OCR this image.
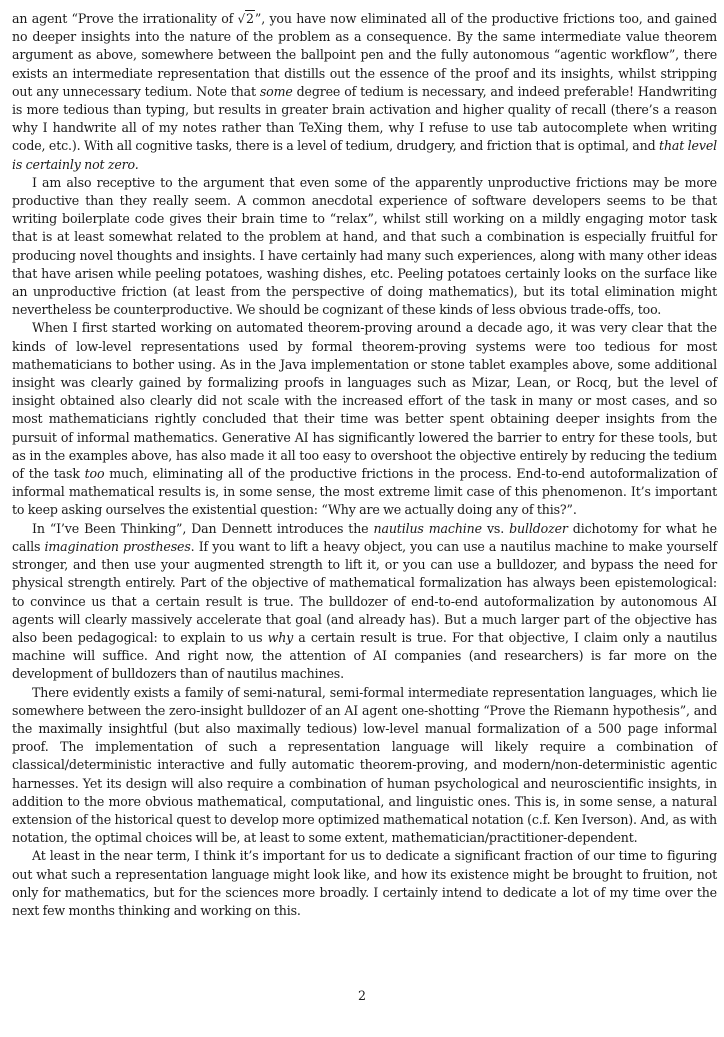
an agent “Prove the irrationality of √2”, you have now eliminated all of the productive frictions too, and gained no deeper insights into the nature of the problem as a consequence. By the same intermediate value theorem argument as above, somewhere between the ballpoint pen and the fully autonomous “agentic workflow”, there exists an intermediate representation that distills out the essence of the proof and its insights, whilst stripping out any unnecessary tedium. Note that some degree of tedium is necessary, and indeed preferable! Handwriting is more tedious than typing, but results in greater brain activation and higher quality of recall (there’s a reason why I handwrite all of my notes rather than TeXing them, why I refuse to use tab autocomplete when writing code, etc.). With all cognitive tasks, there is a level of tedium, drudgery, and friction that is optimal, and that level is certainly not zero.

I am also receptive to the argument that even some of the apparently unproductive frictions may be more productive than they really seem. A common anecdotal experience of software developers seems to be that writing boilerplate code gives their brain time to “relax”, whilst still working on a mildly engaging motor task that is at least somewhat related to the problem at hand, and that such a combination is especially fruitful for producing novel thoughts and insights. I have certainly had many such experiences, along with many other ideas that have arisen while peeling potatoes, washing dishes, etc. Peeling potatoes certainly looks on the surface like an unproductive friction (at least from the perspective of doing mathematics), but its total elimination might nevertheless be counterproductive. We should be cognizant of these kinds of less obvious trade-offs, too.

When I first started working on automated theorem-proving around a decade ago, it was very clear that the kinds of low-level representations used by formal theorem-proving systems were too tedious for most mathematicians to bother using. As in the Java implementation or stone tablet examples above, some additional insight was clearly gained by formalizing proofs in languages such as Mizar, Lean, or Rocq, but the level of insight obtained also clearly did not scale with the increased effort of the task in many or most cases, and so most mathematicians rightly concluded that their time was better spent obtaining deeper insights from the pursuit of informal mathematics. Generative AI has significantly lowered the barrier to entry for these tools, but as in the examples above, has also made it all too easy to overshoot the objective entirely by reducing the tedium of the task too much, eliminating all of the productive frictions in the process. End-to-end autoformalization of informal mathematical results is, in some sense, the most extreme limit case of this phenomenon. It’s important to keep asking ourselves the existential question: “Why are we actually doing any of this?”.

In “I’ve Been Thinking”, Dan Dennett introduces the nautilus machine vs. bulldozer dichotomy for what he calls imagination prostheses. If you want to lift a heavy object, you can use a nautilus machine to make yourself stronger, and then use your augmented strength to lift it, or you can use a bulldozer, and bypass the need for physical strength entirely. Part of the objective of mathematical formalization has always been epistemological: to convince us that a certain result is true. The bulldozer of end-to-end autoformalization by autonomous AI agents will clearly massively accelerate that goal (and already has). But a much larger part of the objective has also been pedagogical: to explain to us why a certain result is true. For that objective, I claim only a nautilus machine will suffice. And right now, the attention of AI companies (and researchers) is far more on the development of bulldozers than of nautilus machines.

There evidently exists a family of semi-natural, semi-formal intermediate representation languages, which lie somewhere between the zero-insight bulldozer of an AI agent one-shotting “Prove the Riemann hypothesis”, and the maximally insightful (but also maximally tedious) low-level manual formalization of a 500 page informal proof. The implementation of such a representation language will likely require a combination of classical/deterministic interactive and fully automatic theorem-proving, and modern/non-deterministic agentic harnesses. Yet its design will also require a combination of human psychological and neuroscientific insights, in addition to the more obvious mathematical, computational, and linguistic ones. This is, in some sense, a natural extension of the historical quest to develop more optimized mathematical notation (c.f. Ken Iverson). And, as with notation, the optimal choices will be, at least to some extent, mathematician/practitioner-dependent.

At least in the near term, I think it’s important for us to dedicate a significant fraction of our time to figuring out what such a representation language might look like, and how its existence might be brought to fruition, not only for mathematics, but for the sciences more broadly. I certainly intend to dedicate a lot of my time over the next few months thinking and working on this.

2
